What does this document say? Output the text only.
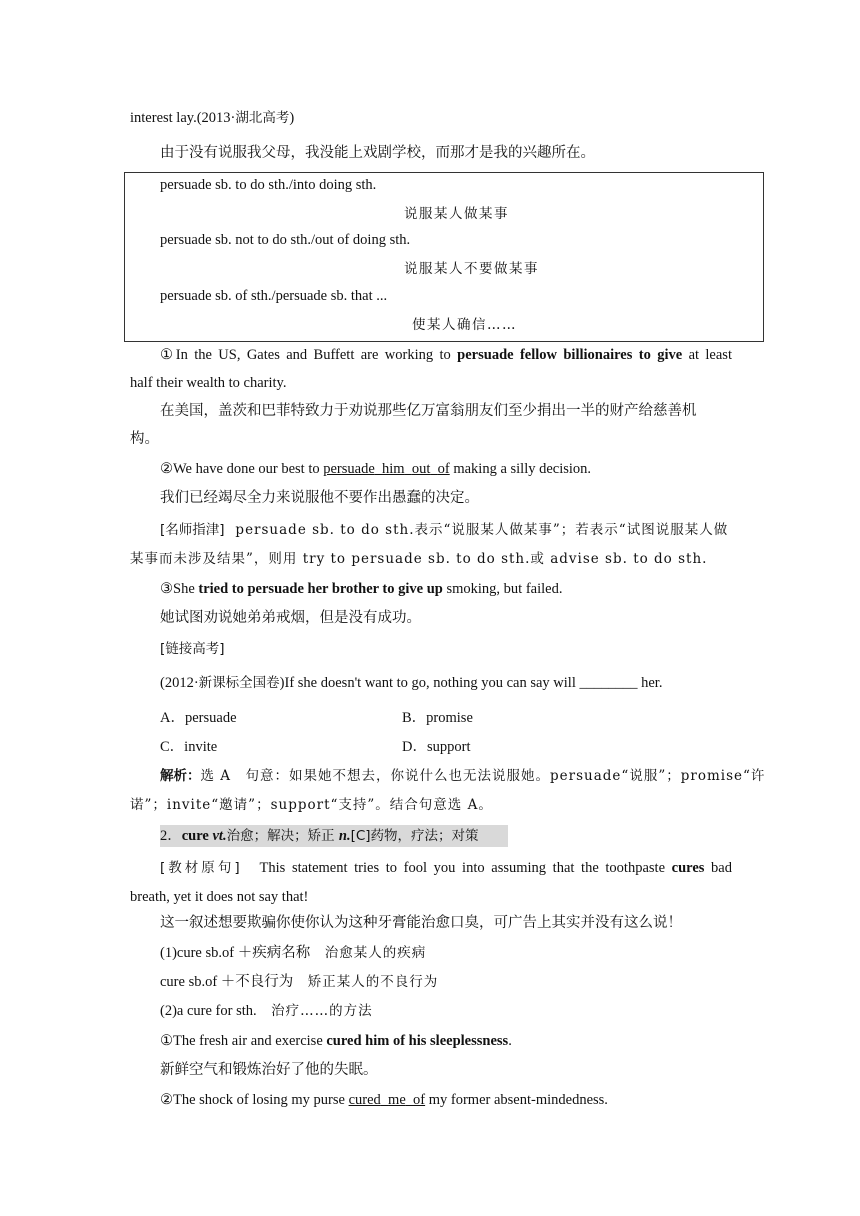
interest lay.(2013·湖北高考)
由于没有说服我父母，我没能上戏剧学校，而那才是我的兴趣所在。
persuade sb. to do sth./into doing sth.
说服某人做某事
persuade sb. not to do sth./out of doing sth.
说服某人不要做某事
persuade sb. of sth./persuade sb. that ...
使某人确信……
①In the US, Gates and Buffett are working to persuade fellow billionaires to give at least
half their wealth to charity.
在美国，盖茨和巴菲特致力于劝说那些亿万富翁朋友们至少捐出一半的财产给慈善机
构。
②We have done our best to persuade him out of making a silly decision.
我们已经竭尽全力来说服他不要作出愚蠢的决定。
[名师指津] persuade sb. to do sth.表示“说服某人做某事”；若表示“试图说服某人做
某事而未涉及结果”，则用 try to persuade sb. to do sth.或 advise sb. to do sth.
③She tried to persuade her brother to give up smoking, but failed.
她试图劝说她弟弟戒烟，但是没有成功。
[链接高考]
(2012·新课标全国卷)If she doesn't want to go, nothing you can say will ________ her.
A．persuade	B．promise
C．invite	D．support
解析：选 A　句意：如果她不想去，你说什么也无法说服她。persuade“说服”；promise“许
诺”；invite“邀请”；support“支持”。结合句意选 A。
2．cure vt.治愈；解决；矫正 n.[C]药物，疗法；对策
[教材原句] This statement tries to fool you into assuming that the toothpaste cures bad
breath, yet it does not say that!
这一叙述想要欺骗你使你认为这种牙膏能治愈口臭，可广告上其实并没有这么说！
(1)cure sb.of ＋疾病名称 治愈某人的疾病
cure sb.of ＋不良行为 矫正某人的不良行为
(2)a cure for sth. 治疗……的方法
①The fresh air and exercise cured him of his sleeplessness.
新鲜空气和锻炼治好了他的失眠。
②The shock of losing my purse cured me of my former absent-mindedness.
